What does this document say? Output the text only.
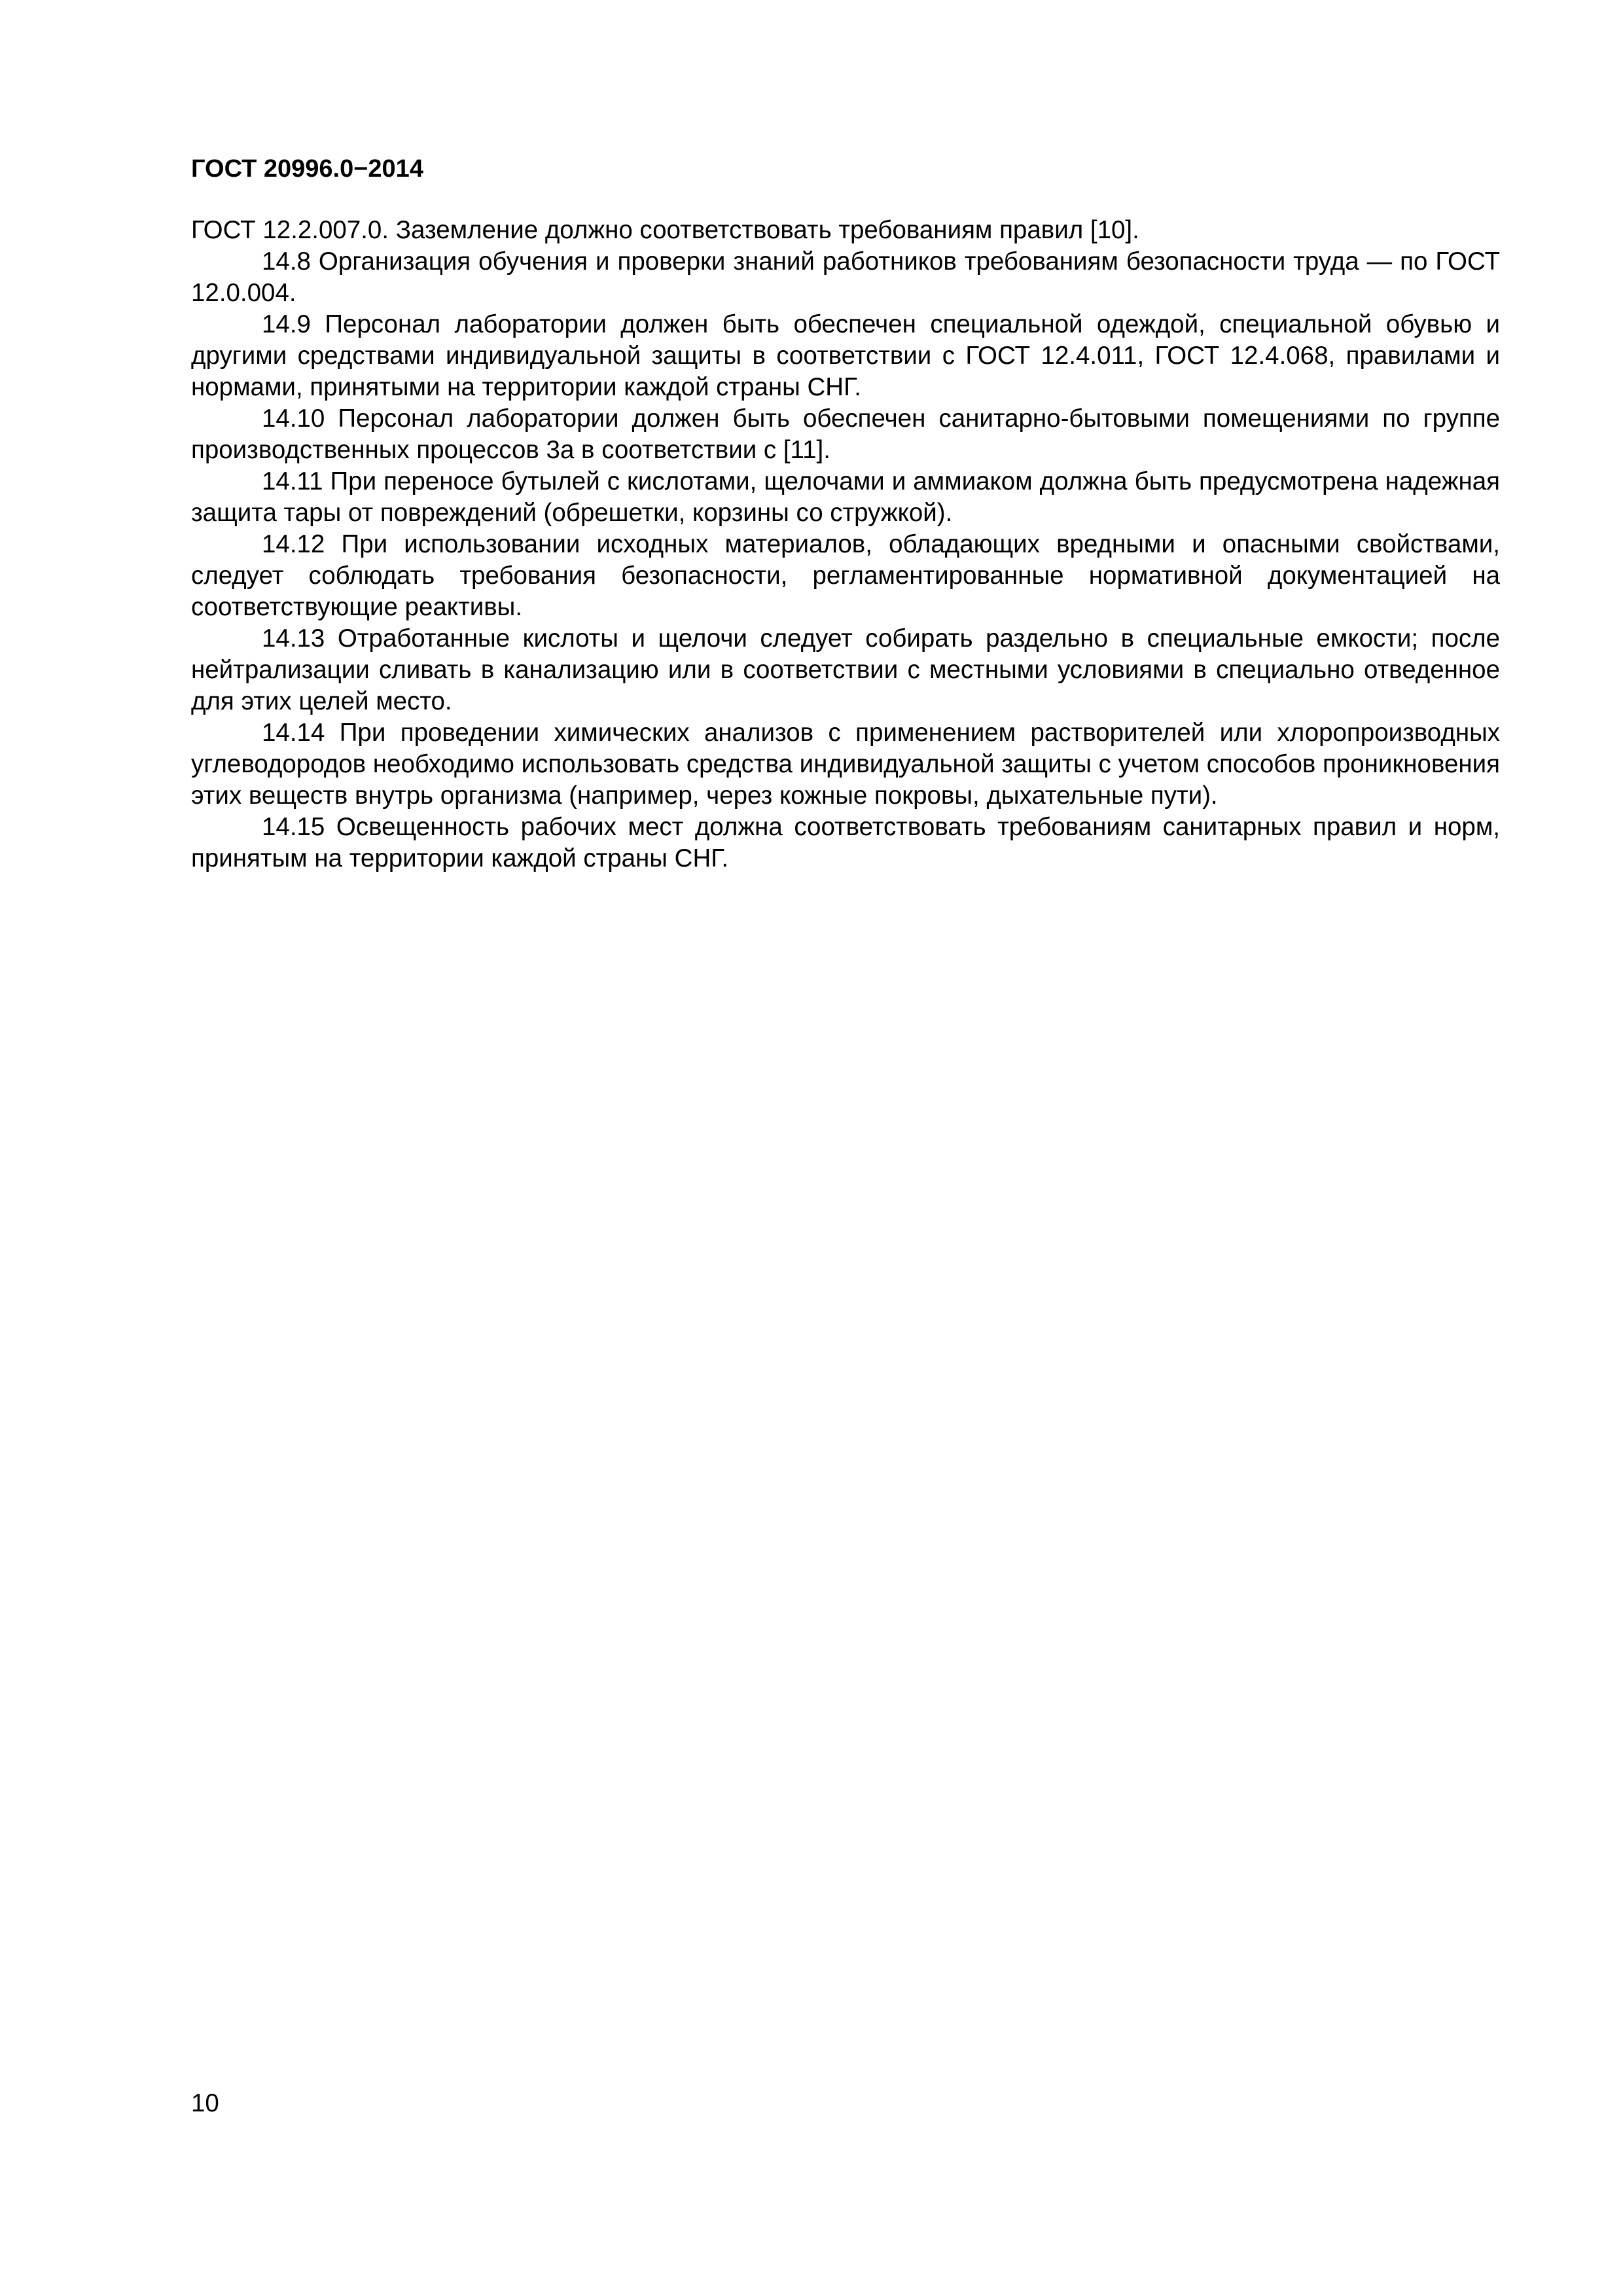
ГОСТ 20996.0−2014

ГОСТ 12.2.007.0. Заземление должно соответствовать требованиям правил [10].

14.8 Организация обучения и проверки знаний работников требованиям безопасности труда — по ГОСТ 12.0.004.

14.9 Персонал лаборатории должен быть обеспечен специальной одеждой, специальной обувью и другими средствами индивидуальной защиты в соответствии с ГОСТ 12.4.011, ГОСТ 12.4.068, правилами и нормами, принятыми на территории каждой страны СНГ.

14.10 Персонал лаборатории должен быть обеспечен санитарно-бытовыми помещениями по группе производственных процессов 3а в соответствии с [11].

14.11 При переносе бутылей с кислотами, щелочами и аммиаком должна быть предусмотрена надежная защита тары от повреждений (обрешетки, корзины со стружкой).

14.12 При использовании исходных материалов, обладающих вредными и опасными свойствами, следует соблюдать требования безопасности, регламентированные нормативной документацией на соответствующие реактивы.

14.13 Отработанные кислоты и щелочи следует собирать раздельно в специальные емкости; после нейтрализации сливать в канализацию или в соответствии с местными условиями в специально отведенное для этих целей место.

14.14 При проведении химических анализов с применением растворителей или хлоропроизводных углеводородов необходимо использовать средства индивидуальной защиты с учетом способов проникновения этих веществ внутрь организма (например, через кожные покровы, дыхательные пути).

14.15 Освещенность рабочих мест должна соответствовать требованиям санитарных правил и норм, принятым на территории каждой страны СНГ.

10
